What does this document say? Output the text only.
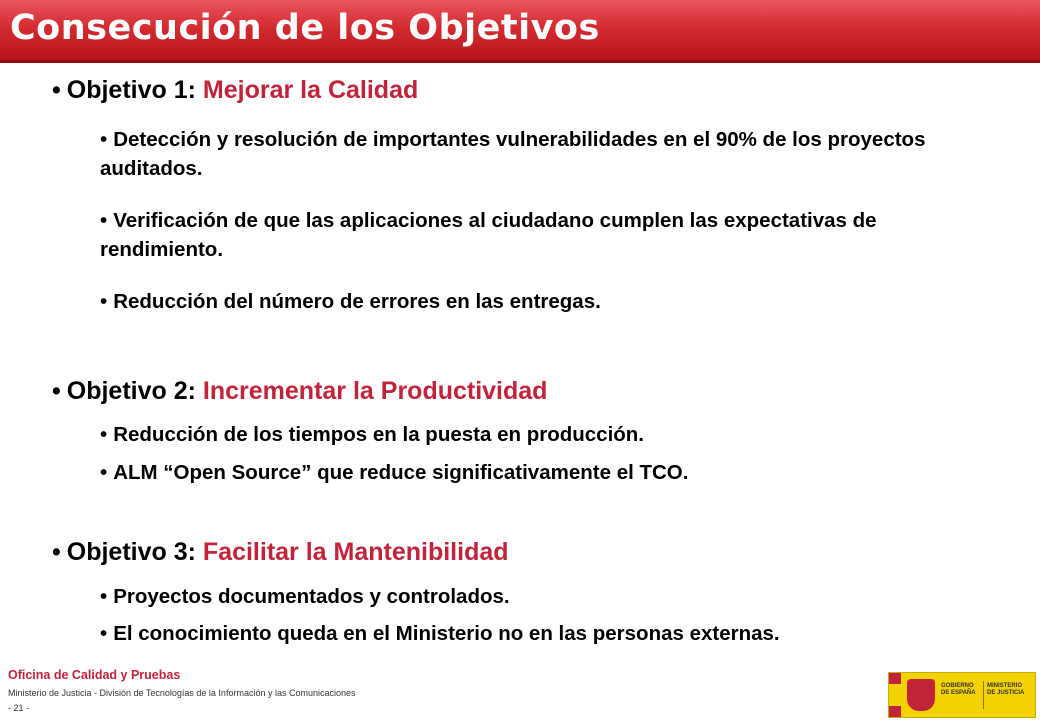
Consecución de los Objetivos
• Objetivo 1: Mejorar la Calidad
• Detección y resolución de importantes vulnerabilidades en el 90% de los proyectos auditados.
• Verificación de que las aplicaciones al ciudadano cumplen las expectativas de rendimiento.
• Reducción del número de errores en las entregas.
• Objetivo 2: Incrementar la Productividad
• Reducción de los tiempos en la puesta en producción.
• ALM “Open Source” que reduce significativamente el TCO.
• Objetivo 3: Facilitar la Mantenibilidad
• Proyectos documentados y controlados.
• El conocimiento queda en el Ministerio no en las personas externas.
Oficina de Calidad y Pruebas
Ministerio de Justicia - División de Tecnologías de la Información y las Comunicaciones
- 21 -
GOBIERNO DE ESPAÑA
MINISTERIO DE JUSTICIA
